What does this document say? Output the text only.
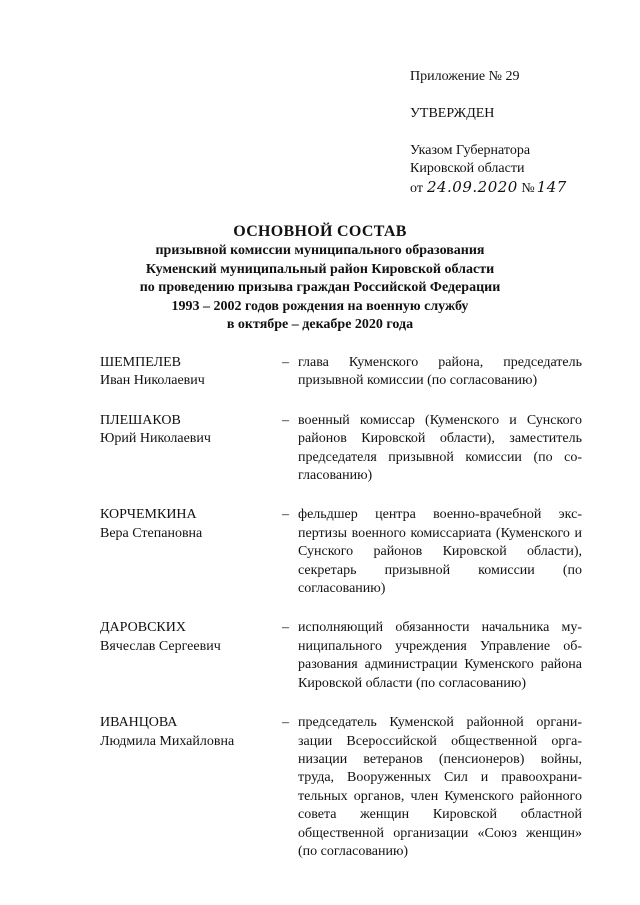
Приложение № 29
УТВЕРЖДЕН
Указом Губернатора
Кировской области
от 24.09.2020 № 147
ОСНОВНОЙ СОСТАВ
призывной комиссии муниципального образования
Куменский муниципальный район Кировской области
по проведению призыва граждан Российской Федерации
1993 – 2002 годов рождения на военную службу
в октябре – декабре 2020 года
ШЕМПЕЛЕВ
Иван Николаевич
– глава Куменского района, председатель призывной комиссии (по согласованию)
ПЛЕШАКОВ
Юрий Николаевич
– военный комиссар (Куменского и Сунского районов Кировской области), заместитель председателя призывной комиссии (по согласованию)
КОРЧЕМКИНА
Вера Степановна
– фельдшер центра военно-врачебной экспертизы военного комиссариата (Куменского и Сунского районов Кировской области), секретарь призывной комиссии (по согласованию)
ДАРОВСКИХ
Вячеслав Сергеевич
– исполняющий обязанности начальника муниципального учреждения Управление образования администрации Куменского района Кировской области (по согласованию)
ИВАНЦОВА
Людмила Михайловна
– председатель Куменской районной организации Всероссийской общественной организации ветеранов (пенсионеров) войны, труда, Вооруженных Сил и правоохранительных органов, член Куменского районного совета женщин Кировской областной общественной организации «Союз женщин» (по согласованию)
